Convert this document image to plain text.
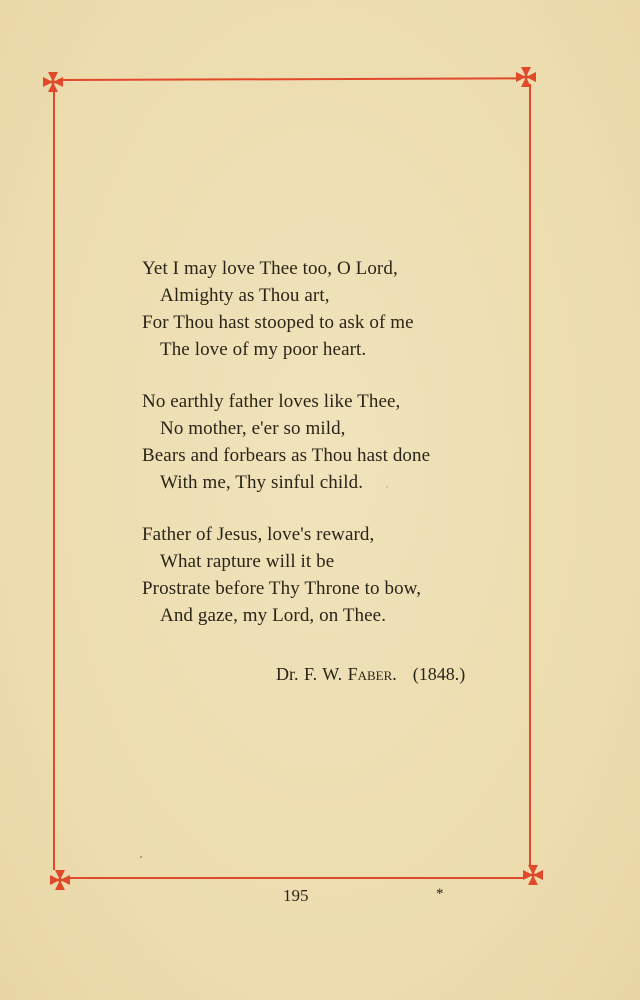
Yet I may love Thee too, O Lord,
Almighty as Thou art,
For Thou hast stooped to ask of me
The love of my poor heart.
No earthly father loves like Thee,
No mother, e'er so mild,
Bears and forbears as Thou hast done
With me, Thy sinful child.
Father of Jesus, love's reward,
What rapture will it be
Prostrate before Thy Throne to bow,
And gaze, my Lord, on Thee.
Dr. F. W. Faber. (1848.)
195	*
